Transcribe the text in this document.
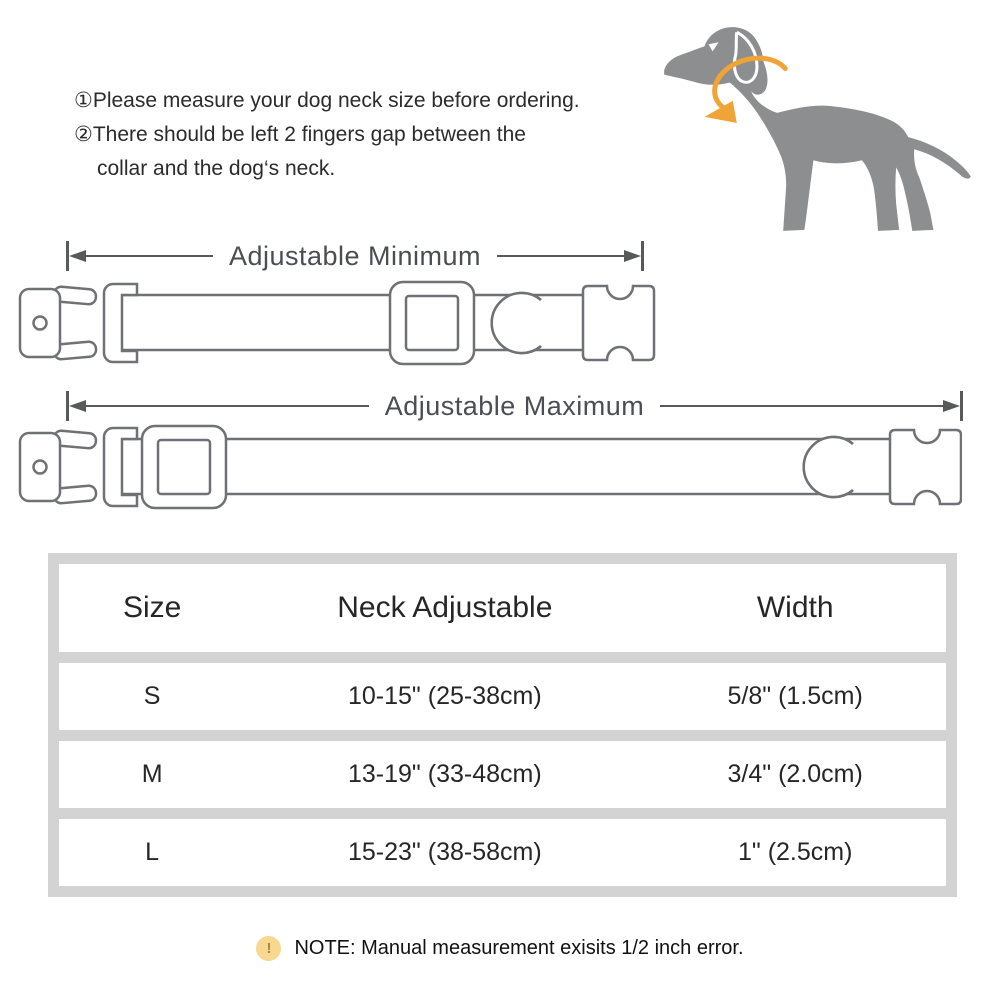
①Please measure your dog neck size before ordering.
②There should be left 2 fingers gap between the
collar and the dog‘s neck.
Adjustable Minimum
Adjustable Maximum
Size	Neck Adjustable	Width
S	10-15" (25-38cm)	5/8" (1.5cm)
M	13-19" (33-48cm)	3/4" (2.0cm)
L	15-23" (38-58cm)	1" (2.5cm)
!	NOTE: Manual measurement exisits 1/2 inch error.
